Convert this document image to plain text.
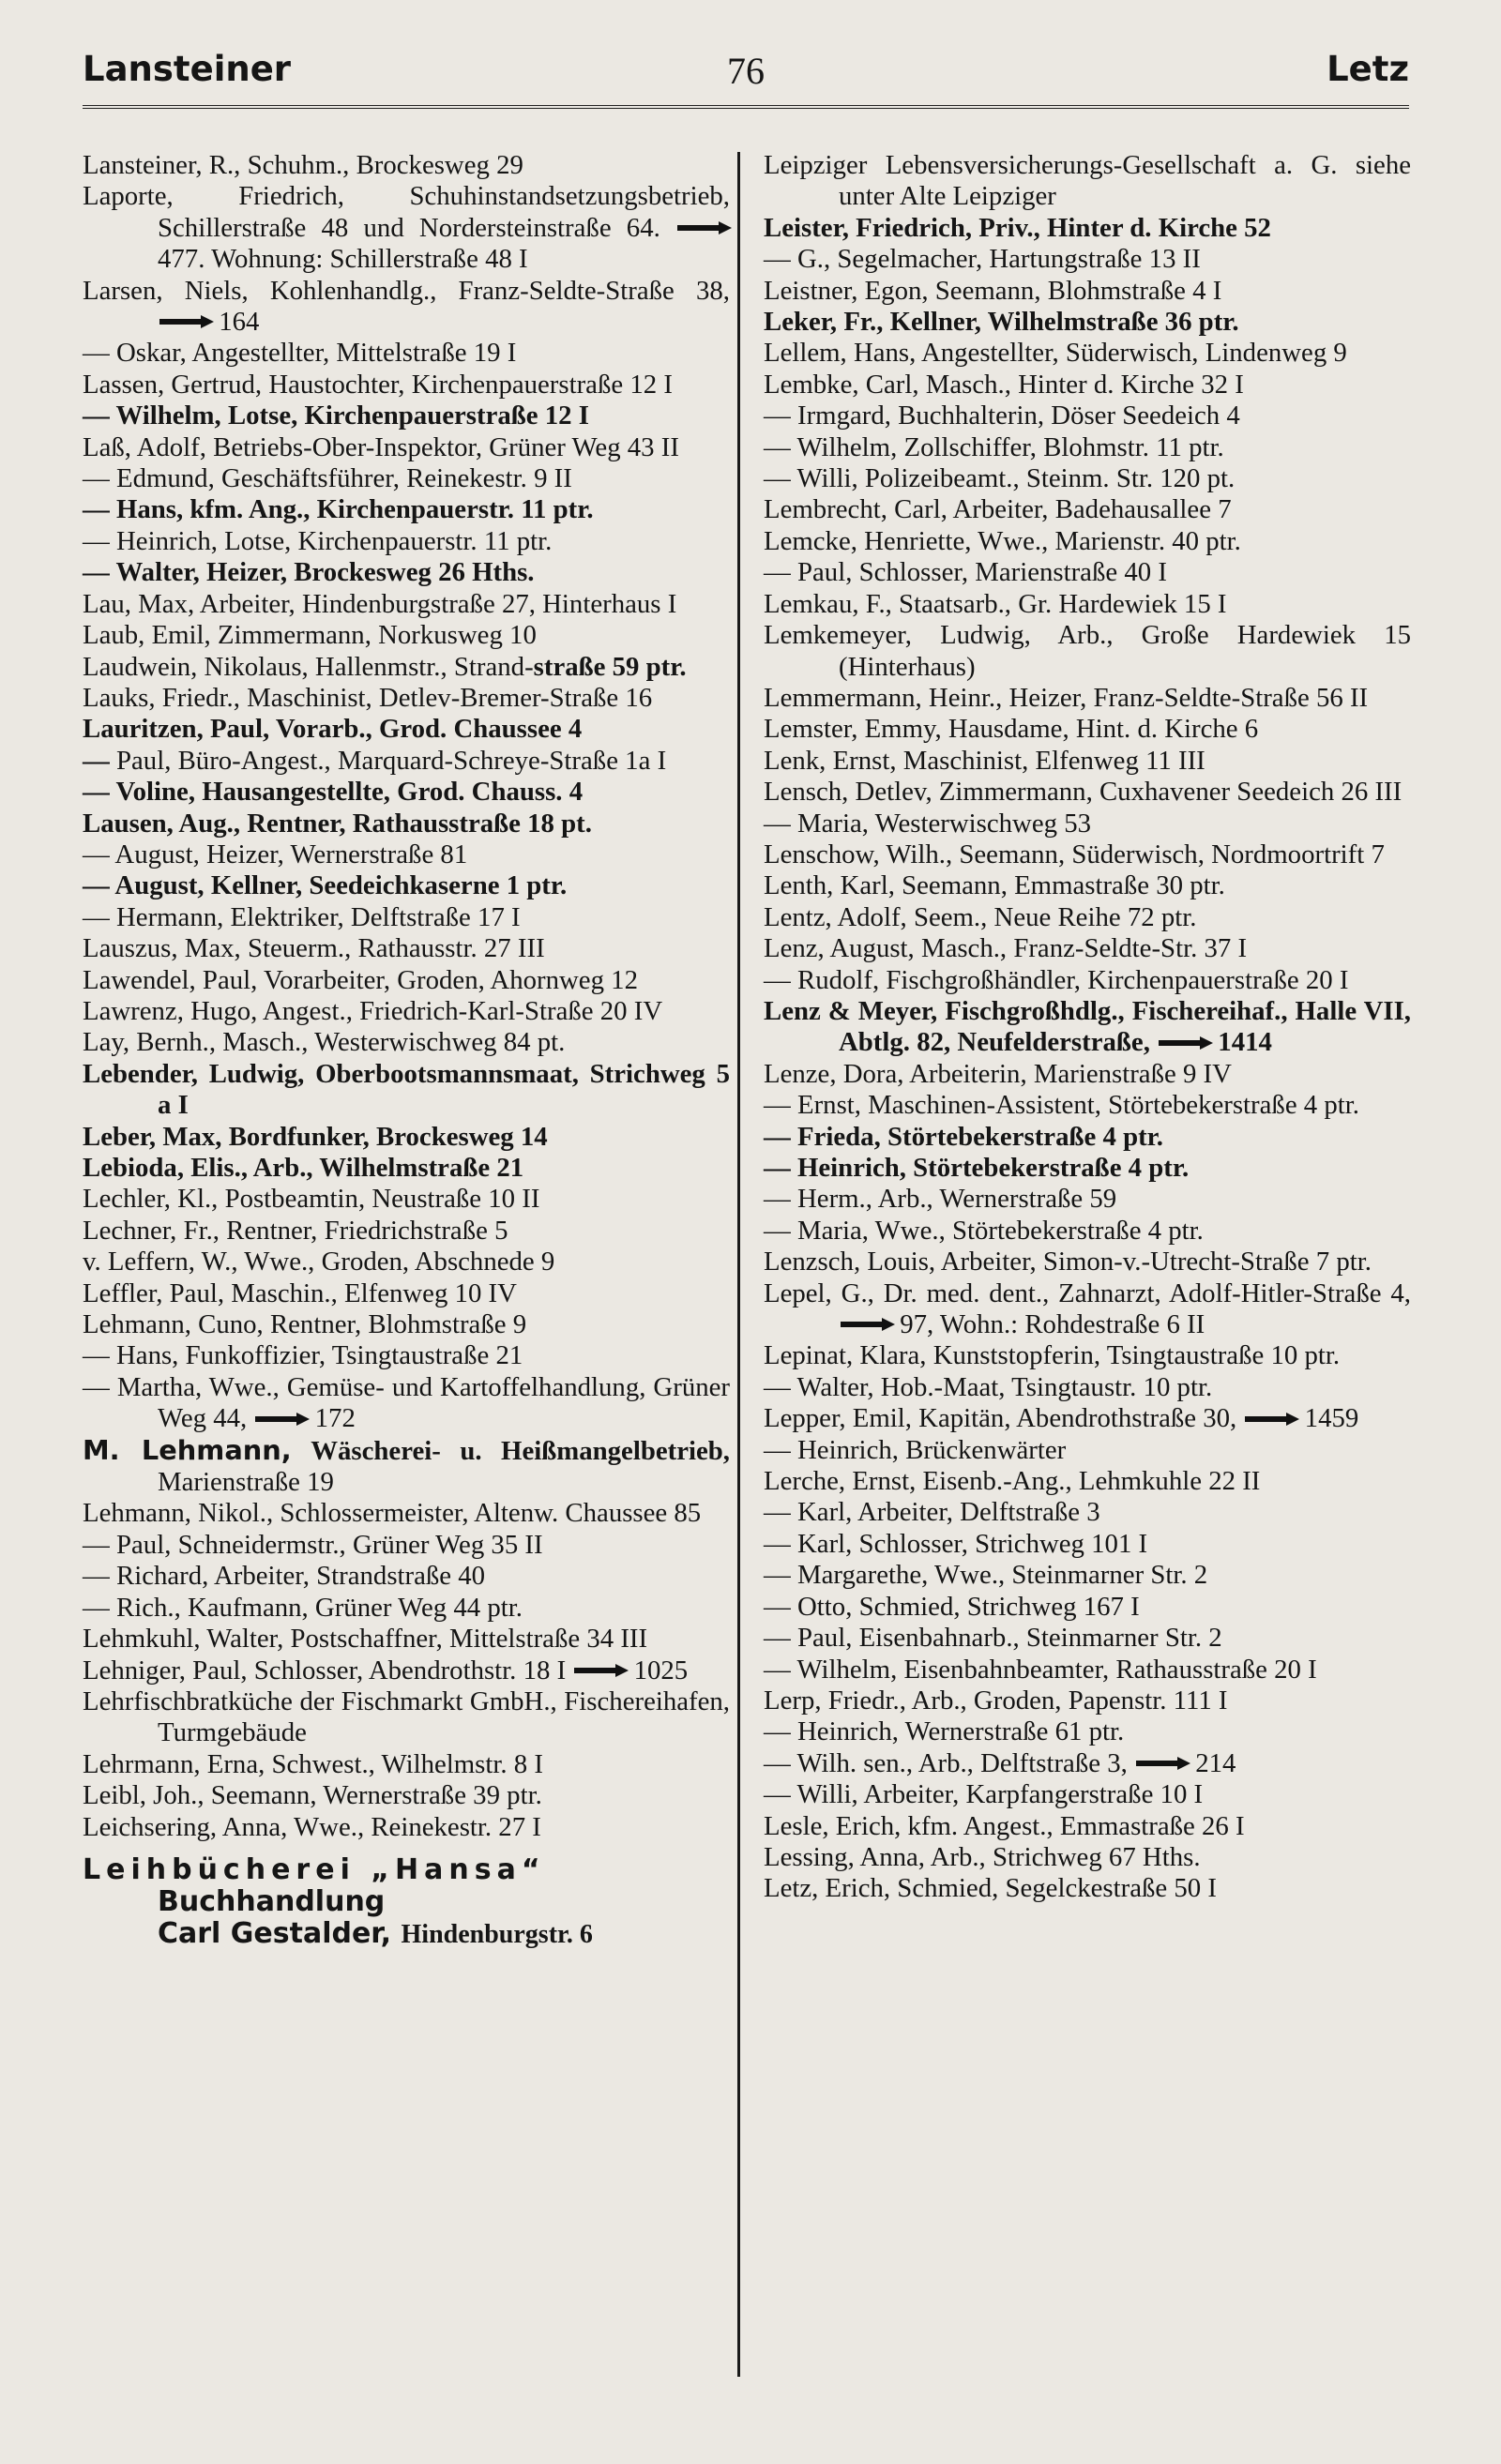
Lansteiner	76	Letz
Lansteiner, R., Schuhm., Brockesweg 29
Laporte, Friedrich, Schuhinstandsetzungsbetrieb, Schillerstraße 48 und Nordersteinstraße 64.  477. Wohnung: Schillerstraße 48 I
Larsen, Niels, Kohlenhandlg., Franz-Seldte-Straße 38,  164
— Oskar, Angestellter, Mittelstraße 19 I
Lassen, Gertrud, Haustochter, Kirchenpauerstraße 12 I
— Wilhelm, Lotse, Kirchenpauerstraße 12 I
Laß, Adolf, Betriebs-Ober-Inspektor, Grüner Weg 43 II
— Edmund, Geschäftsführer, Reinekestr. 9 II
— Hans, kfm. Ang., Kirchenpauerstr. 11 ptr.
— Heinrich, Lotse, Kirchenpauerstr. 11 ptr.
— Walter, Heizer, Brockesweg 26 Hths.
Lau, Max, Arbeiter, Hindenburgstraße 27, Hinterhaus I
Laub, Emil, Zimmermann, Norkusweg 10
Laudwein, Nikolaus, Hallenmstr., Strand-straße 59 ptr.
Lauks, Friedr., Maschinist, Detlev-Bremer-Straße 16
Lauritzen, Paul, Vorarb., Grod. Chaussee 4
— Paul, Büro-Angest., Marquard-Schreye-Straße 1a I
— Voline, Hausangestellte, Grod. Chauss. 4
Lausen, Aug., Rentner, Rathausstraße 18 pt.
— August, Heizer, Wernerstraße 81
— August, Kellner, Seedeichkaserne 1 ptr.
— Hermann, Elektriker, Delftstraße 17 I
Lauszus, Max, Steuerm., Rathausstr. 27 III
Lawendel, Paul, Vorarbeiter, Groden, Ahornweg 12
Lawrenz, Hugo, Angest., Friedrich-Karl-Straße 20 IV
Lay, Bernh., Masch., Westerwischweg 84 pt.
Lebender, Ludwig, Oberbootsmannsmaat, Strichweg 5 a I
Leber, Max, Bordfunker, Brockesweg 14
Lebioda, Elis., Arb., Wilhelmstraße 21
Lechler, Kl., Postbeamtin, Neustraße 10 II
Lechner, Fr., Rentner, Friedrichstraße 5
v. Leffern, W., Wwe., Groden, Abschnede 9
Leffler, Paul, Maschin., Elfenweg 10 IV
Lehmann, Cuno, Rentner, Blohmstraße 9
— Hans, Funkoffizier, Tsingtaustraße 21
— Martha, Wwe., Gemüse- und Kartoffelhandlung, Grüner Weg 44,  172
M. Lehmann, Wäscherei- u. Heißmangelbetrieb, Marienstraße 19
Lehmann, Nikol., Schlossermeister, Altenw. Chaussee 85
— Paul, Schneidermstr., Grüner Weg 35 II
— Richard, Arbeiter, Strandstraße 40
— Rich., Kaufmann, Grüner Weg 44 ptr.
Lehmkuhl, Walter, Postschaffner, Mittelstraße 34 III
Lehniger, Paul, Schlosser, Abendrothstr. 18 I  1025
Lehrfischbratküche der Fischmarkt GmbH., Fischereihafen, Turmgebäude
Lehrmann, Erna, Schwest., Wilhelmstr. 8 I
Leibl, Joh., Seemann, Wernerstraße 39 ptr.
Leichsering, Anna, Wwe., Reinekestr. 27 I
Leihbücherei „Hansa“
Buchhandlung
Carl Gestalder, Hindenburgstr. 6
Leipziger Lebensversicherungs-Gesellschaft a. G. siehe unter Alte Leipziger
Leister, Friedrich, Priv., Hinter d. Kirche 52
— G., Segelmacher, Hartungstraße 13 II
Leistner, Egon, Seemann, Blohmstraße 4 I
Leker, Fr., Kellner, Wilhelmstraße 36 ptr.
Lellem, Hans, Angestellter, Süderwisch, Lindenweg 9
Lembke, Carl, Masch., Hinter d. Kirche 32 I
— Irmgard, Buchhalterin, Döser Seedeich 4
— Wilhelm, Zollschiffer, Blohmstr. 11 ptr.
— Willi, Polizeibeamt., Steinm. Str. 120 pt.
Lembrecht, Carl, Arbeiter, Badehausallee 7
Lemcke, Henriette, Wwe., Marienstr. 40 ptr.
— Paul, Schlosser, Marienstraße 40 I
Lemkau, F., Staatsarb., Gr. Hardewiek 15 I
Lemkemeyer, Ludwig, Arb., Große Hardewiek 15 (Hinterhaus)
Lemmermann, Heinr., Heizer, Franz-Seldte-Straße 56 II
Lemster, Emmy, Hausdame, Hint. d. Kirche 6
Lenk, Ernst, Maschinist, Elfenweg 11 III
Lensch, Detlev, Zimmermann, Cuxhavener Seedeich 26 III
— Maria, Westerwischweg 53
Lenschow, Wilh., Seemann, Süderwisch, Nordmoortrift 7
Lenth, Karl, Seemann, Emmastraße 30 ptr.
Lentz, Adolf, Seem., Neue Reihe 72 ptr.
Lenz, August, Masch., Franz-Seldte-Str. 37 I
— Rudolf, Fischgroßhändler, Kirchenpauerstraße 20 I
Lenz & Meyer, Fischgroßhdlg., Fischereihaf., Halle VII, Abtlg. 82, Neufelderstraße,  1414
Lenze, Dora, Arbeiterin, Marienstraße 9 IV
— Ernst, Maschinen-Assistent, Störtebekerstraße 4 ptr.
— Frieda, Störtebekerstraße 4 ptr.
— Heinrich, Störtebekerstraße 4 ptr.
— Herm., Arb., Wernerstraße 59
— Maria, Wwe., Störtebekerstraße 4 ptr.
Lenzsch, Louis, Arbeiter, Simon-v.-Utrecht-Straße 7 ptr.
Lepel, G., Dr. med. dent., Zahnarzt, Adolf-Hitler-Straße 4,  97, Wohn.: Rohdestraße 6 II
Lepinat, Klara, Kunststopferin, Tsingtaustraße 10 ptr.
— Walter, Hob.-Maat, Tsingtaustr. 10 ptr.
Lepper, Emil, Kapitän, Abendrothstraße 30,  1459
— Heinrich, Brückenwärter
Lerche, Ernst, Eisenb.-Ang., Lehmkuhle 22 II
— Karl, Arbeiter, Delftstraße 3
— Karl, Schlosser, Strichweg 101 I
— Margarethe, Wwe., Steinmarner Str. 2
— Otto, Schmied, Strichweg 167 I
— Paul, Eisenbahnarb., Steinmarner Str. 2
— Wilhelm, Eisenbahnbeamter, Rathausstraße 20 I
Lerp, Friedr., Arb., Groden, Papenstr. 111 I
— Heinrich, Wernerstraße 61 ptr.
— Wilh. sen., Arb., Delftstraße 3,  214
— Willi, Arbeiter, Karpfangerstraße 10 I
Lesle, Erich, kfm. Angest., Emmastraße 26 I
Lessing, Anna, Arb., Strichweg 67 Hths.
Letz, Erich, Schmied, Segelckestraße 50 I
